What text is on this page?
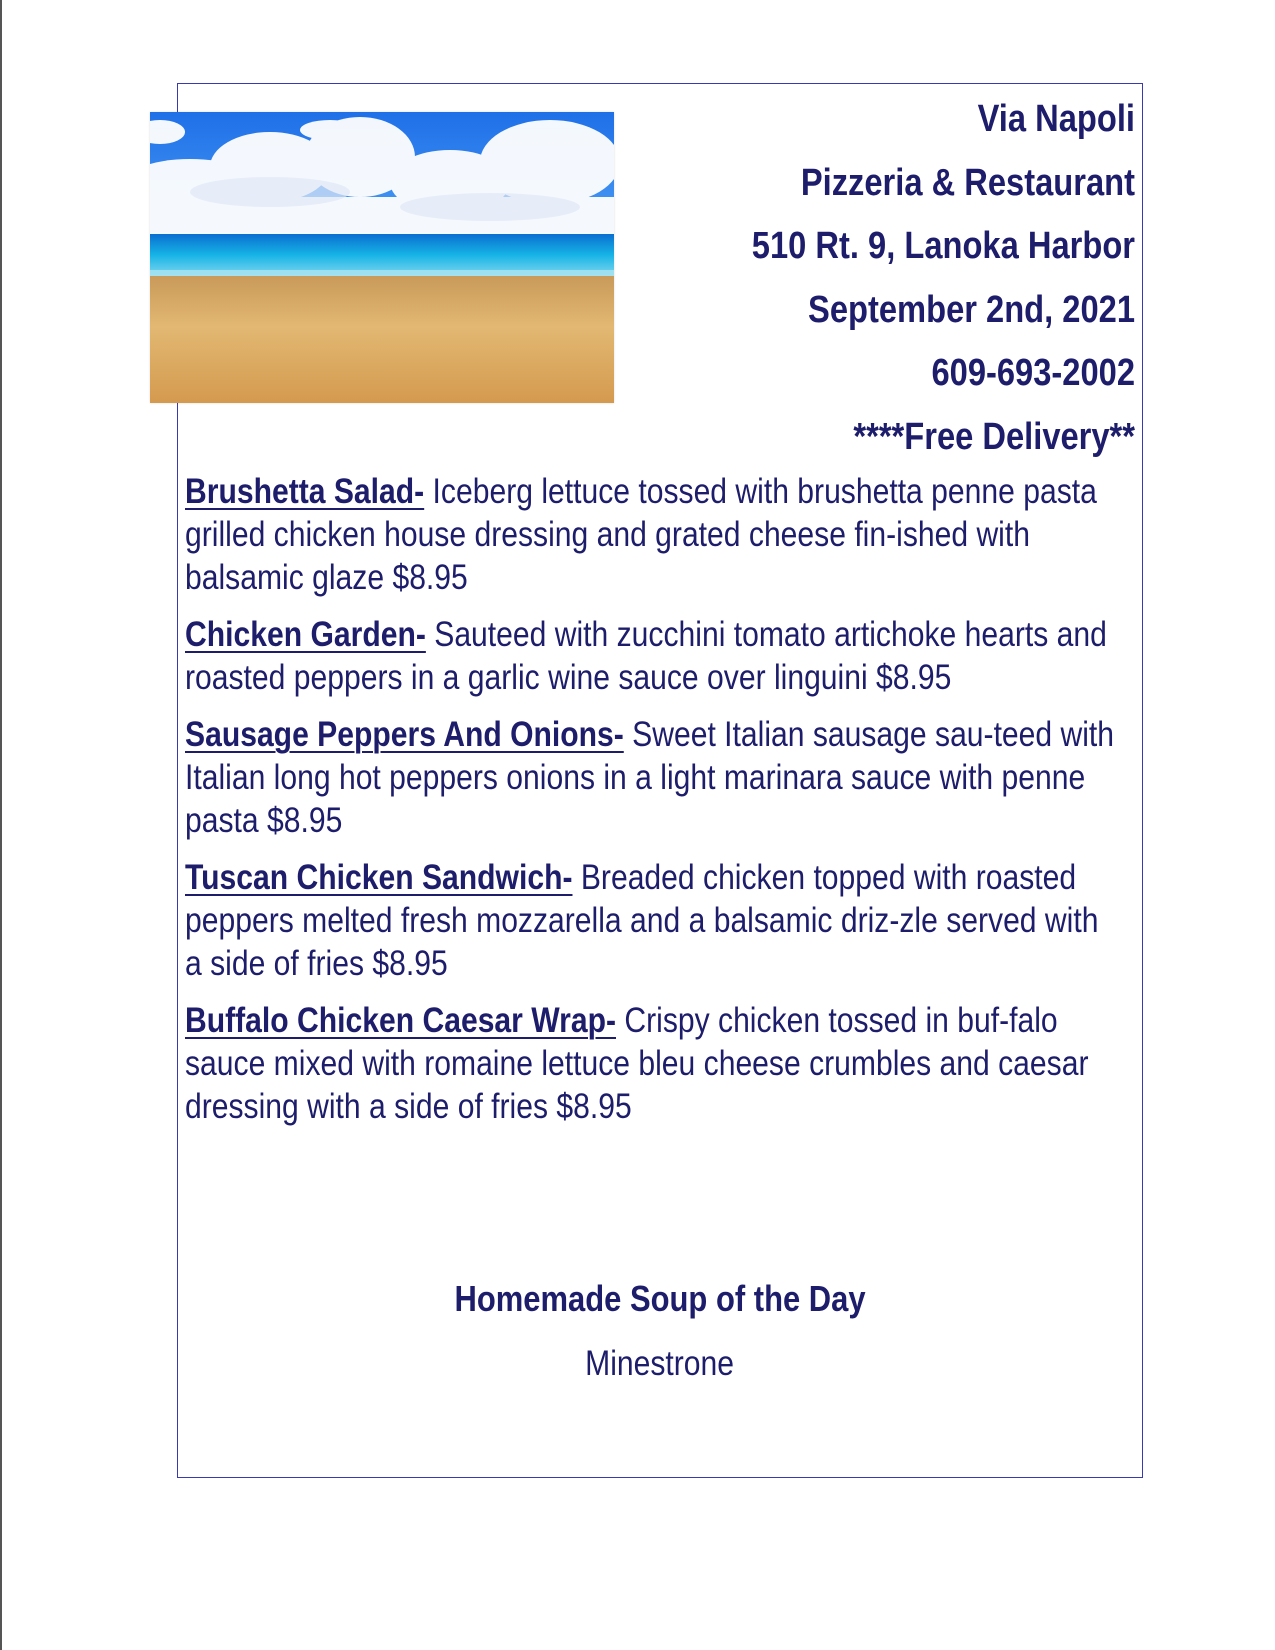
Via Napoli
Pizzeria & Restaurant
510 Rt. 9, Lanoka Harbor
September 2nd, 2021
609-693-2002
****Free Delivery**

Brushetta Salad- Iceberg lettuce tossed with brushetta penne pasta grilled chicken house dressing and grated cheese fin-ished with balsamic glaze $8.95

Chicken Garden- Sauteed with zucchini tomato artichoke hearts and roasted peppers in a garlic wine sauce over linguini $8.95

Sausage Peppers And Onions- Sweet Italian sausage sau-teed with Italian long hot peppers onions in a light marinara sauce with penne pasta $8.95

Tuscan Chicken Sandwich- Breaded chicken topped with roasted peppers melted fresh mozzarella and a balsamic driz-zle served with a side of fries $8.95

Buffalo Chicken Caesar Wrap- Crispy chicken tossed in buf-falo sauce mixed with romaine lettuce bleu cheese crumbles and caesar dressing with a side of fries $8.95

Homemade Soup of the Day
Minestrone
